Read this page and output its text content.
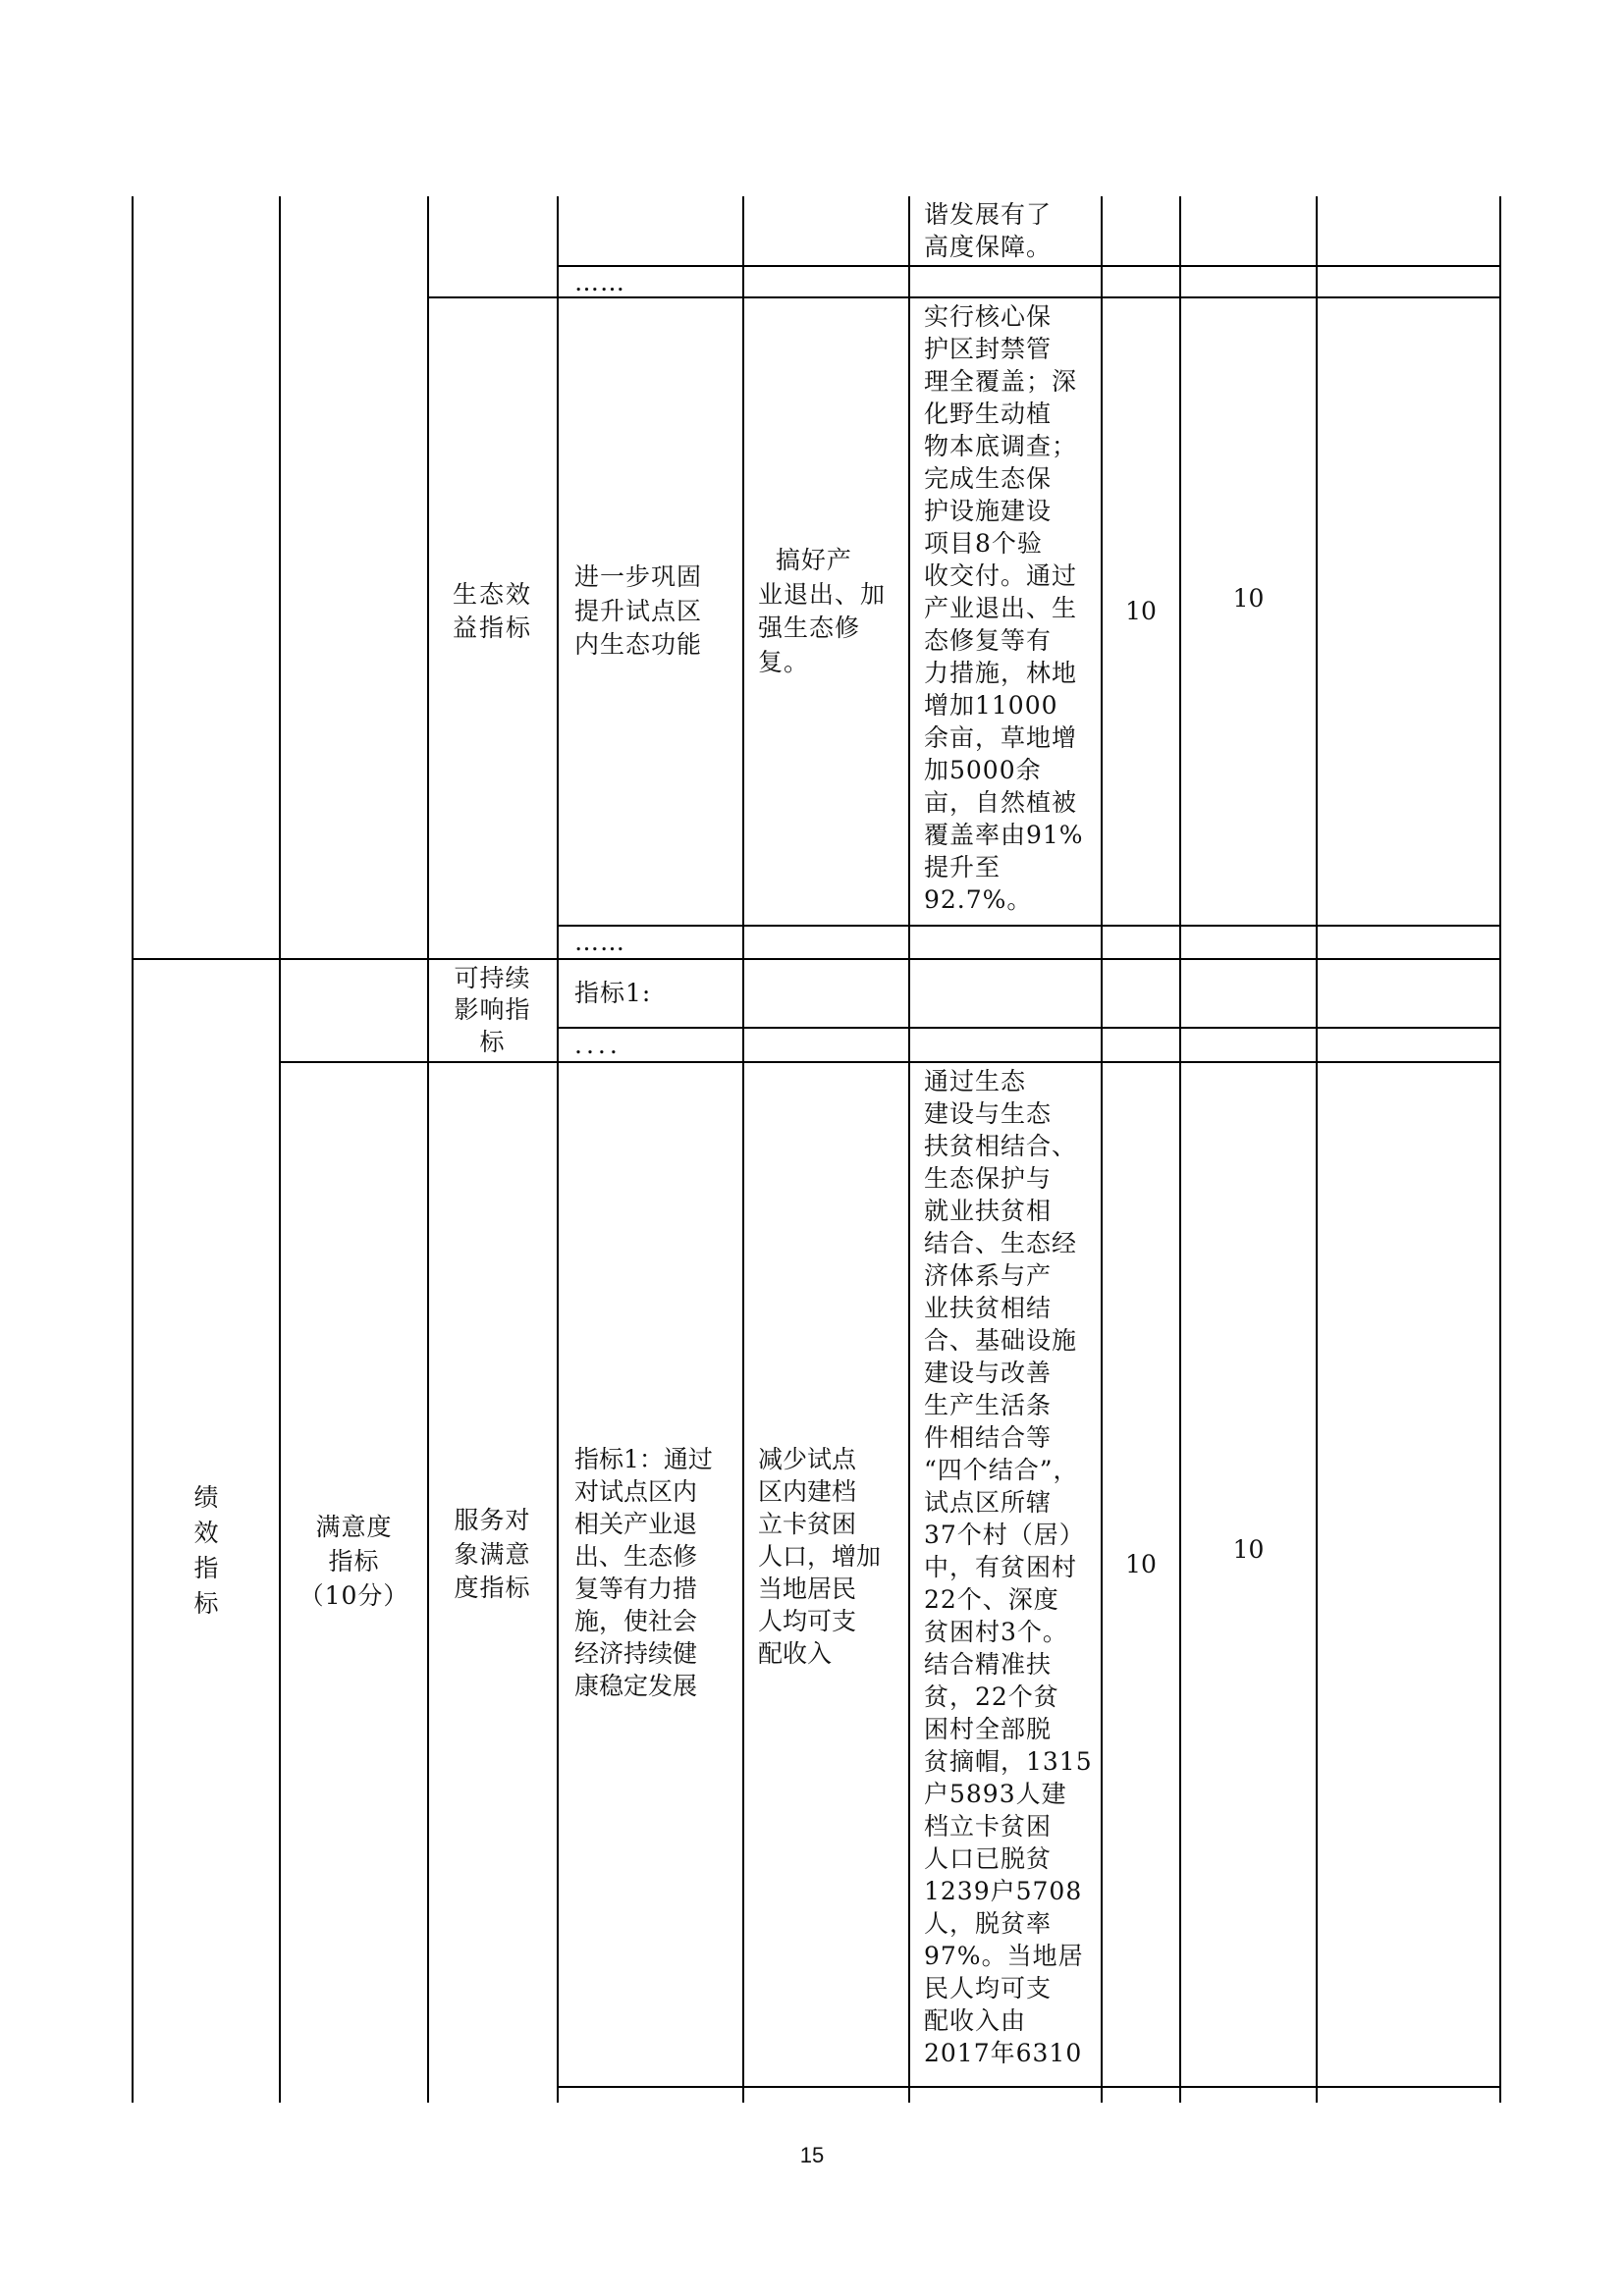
谐发展有了
高度保障。
……
生态效
益指标
进一步巩固
提升试点区
内生态功能
搞好产
业退出、加
强生态修
复。
实行核心保
护区封禁管
理全覆盖；深
化野生动植
物本底调查；
完成生态保
护设施建设
项目8个验
收交付。通过
产业退出、生
态修复等有
力措施，林地
增加11000
余亩，草地增
加5000余
亩，自然植被
覆盖率由91%
提升至
92.7%。
10	10
……
绩
效
指
标
可持续
影响指
标
指标1:
....
满意度
指标
（10分）
服务对
象满意
度指标
指标1：通过
对试点区内
相关产业退
出、生态修
复等有力措
施，使社会
经济持续健
康稳定发展
减少试点
区内建档
立卡贫困
人口，增加
当地居民
人均可支
配收入
通过生态
建设与生态
扶贫相结合、
生态保护与
就业扶贫相
结合、生态经
济体系与产
业扶贫相结
合、基础设施
建设与改善
生产生活条
件相结合等
“四个结合”，
试点区所辖
37个村（居）
中，有贫困村
22个、深度
贫困村3个。
结合精准扶
贫，22个贫
困村全部脱
贫摘帽，1315
户5893人建
档立卡贫困
人口已脱贫
1239户5708
人，脱贫率
97%。当地居
民人均可支
配收入由
2017年6310
10
10
15
